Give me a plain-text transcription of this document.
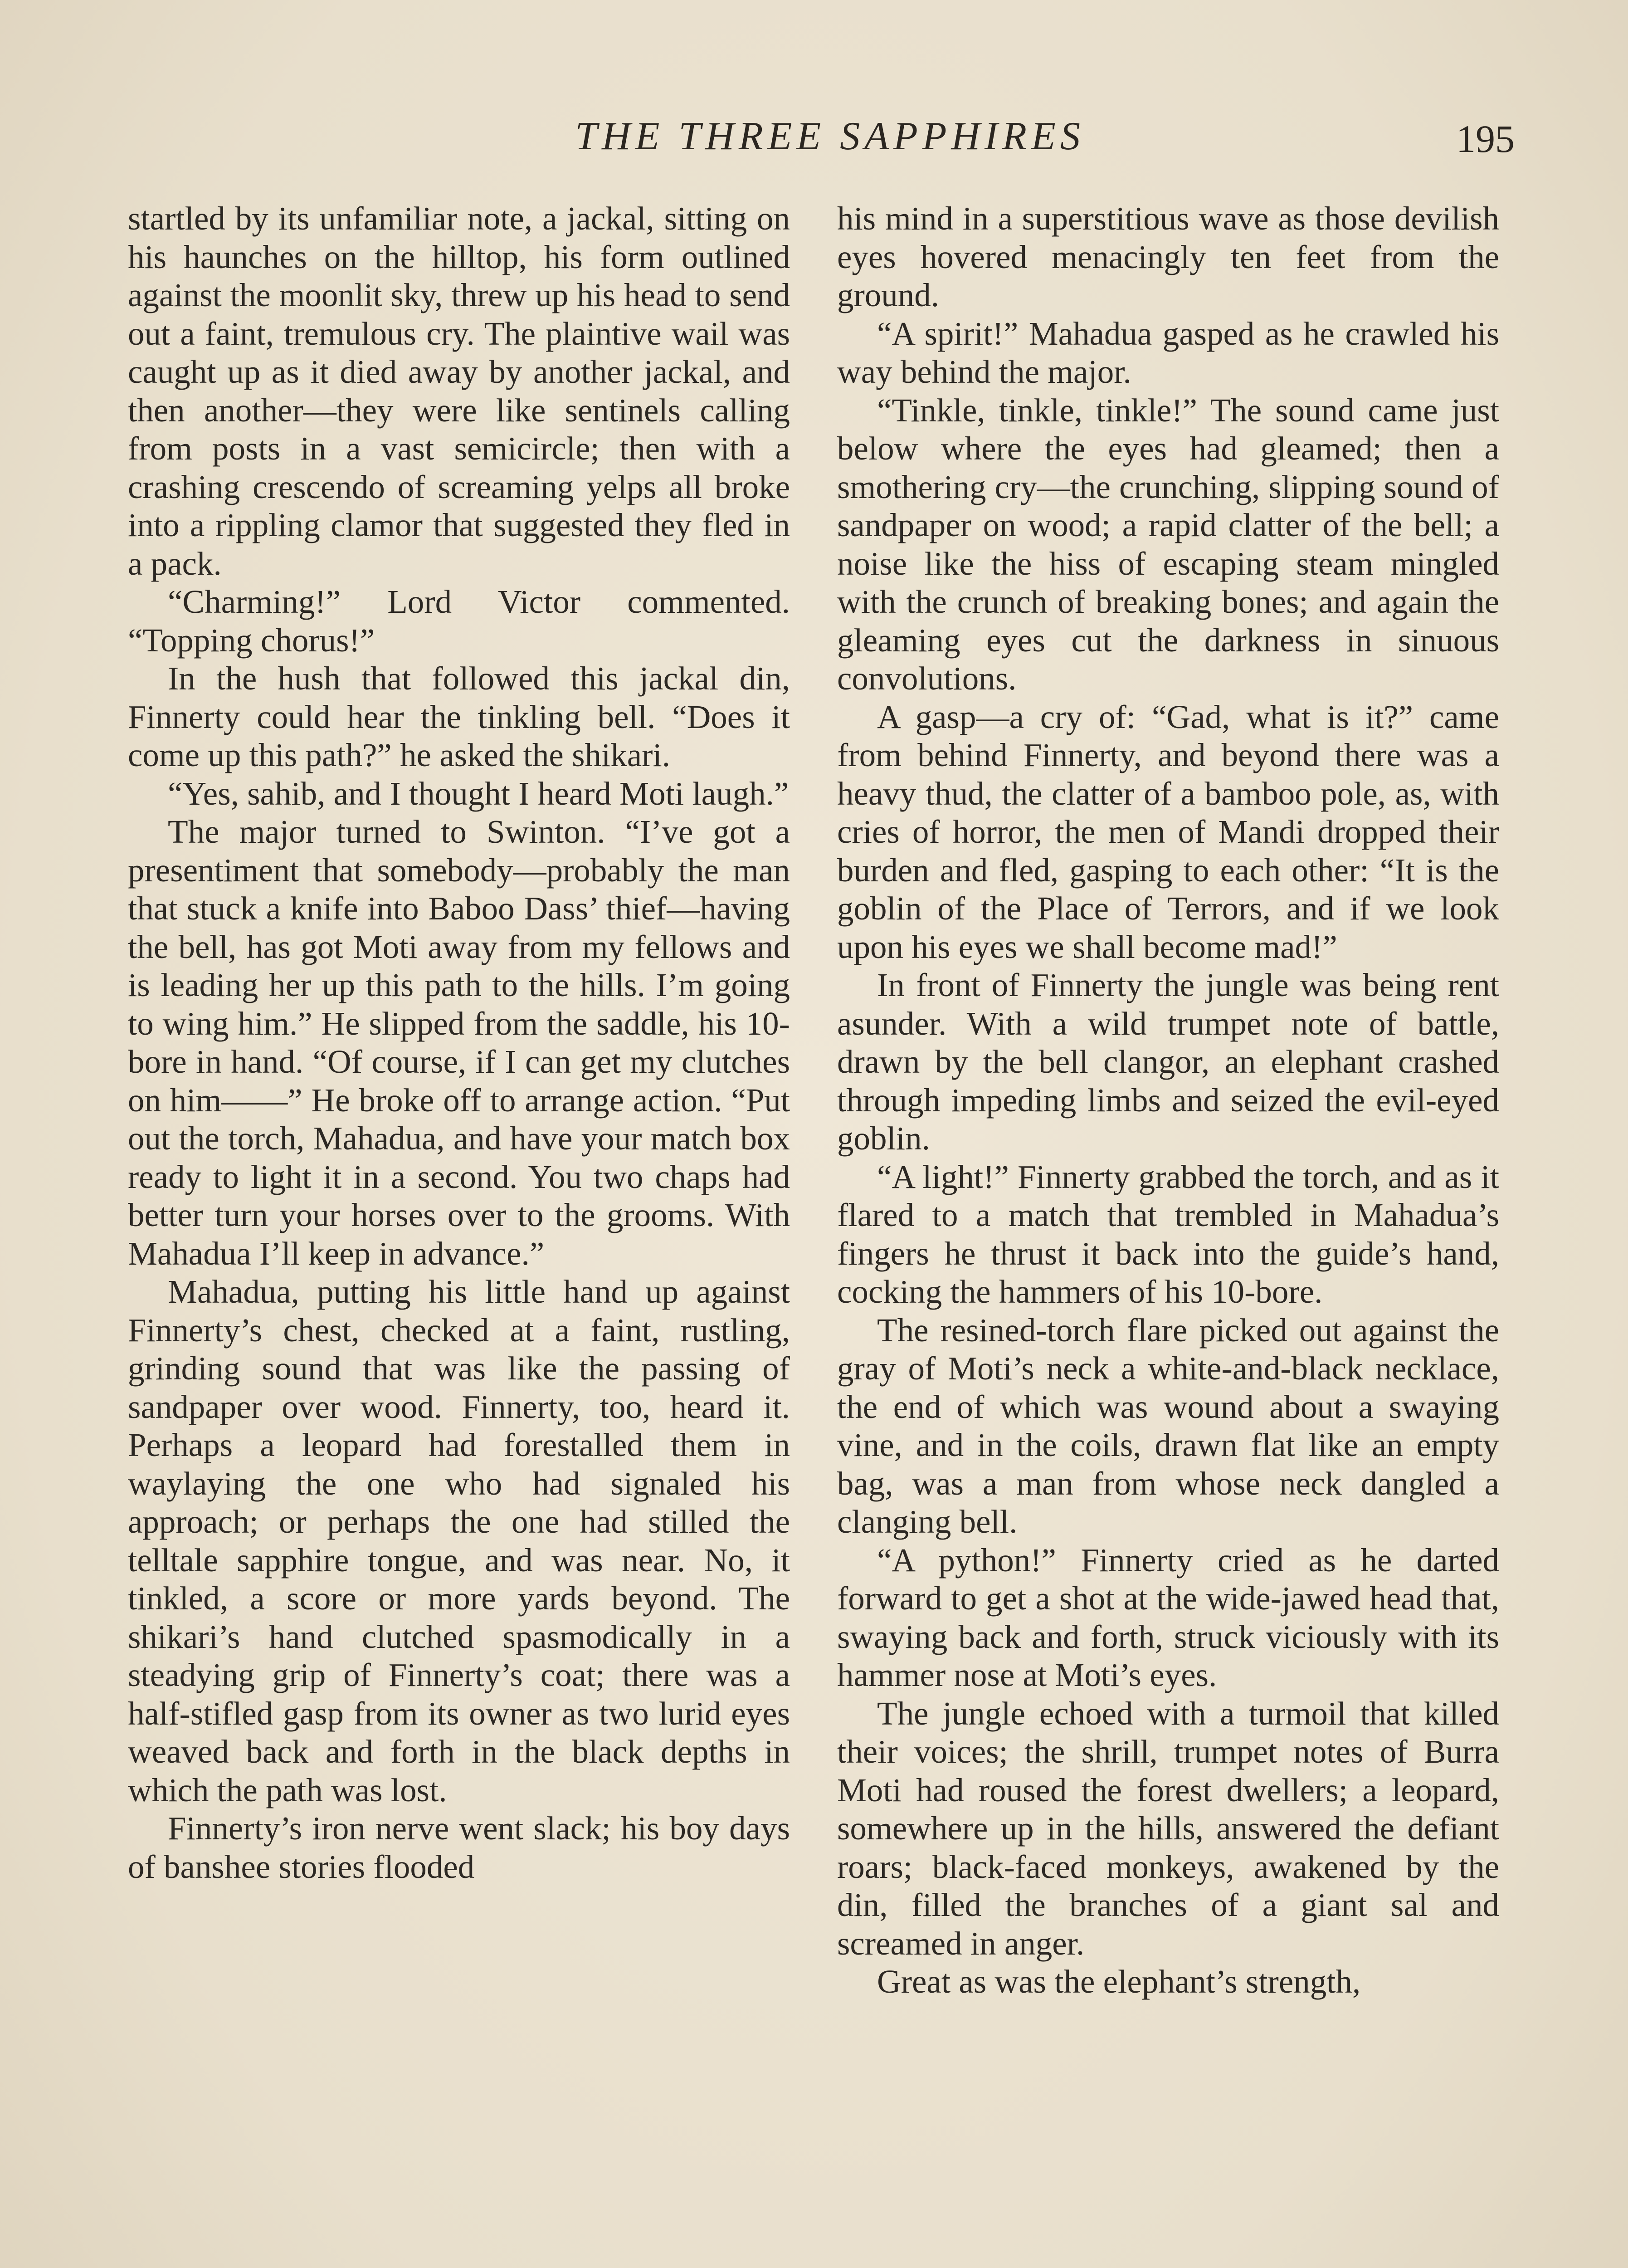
THE THREE SAPPHIRES	195

startled by its unfamiliar note, a jackal, sitting on his haunches on the hilltop, his form outlined against the moonlit sky, threw up his head to send out a faint, tremulous cry. The plaintive wail was caught up as it died away by another jackal, and then another—they were like sentinels calling from posts in a vast semicircle; then with a crashing crescendo of screaming yelps all broke into a rippling clamor that suggested they fled in a pack.

“Charming!” Lord Victor commented. “Topping chorus!”

In the hush that followed this jackal din, Finnerty could hear the tinkling bell. “Does it come up this path?” he asked the shikari.

“Yes, sahib, and I thought I heard Moti laugh.”

The major turned to Swinton. “I’ve got a presentiment that somebody—probably the man that stuck a knife into Baboo Dass’ thief—having the bell, has got Moti away from my fellows and is leading her up this path to the hills. I’m going to wing him.” He slipped from the saddle, his 10-bore in hand. “Of course, if I can get my clutches on him——” He broke off to arrange action. “Put out the torch, Mahadua, and have your match box ready to light it in a second. You two chaps had better turn your horses over to the grooms. With Mahadua I’ll keep in advance.”

Mahadua, putting his little hand up against Finnerty’s chest, checked at a faint, rustling, grinding sound that was like the passing of sandpaper over wood. Finnerty, too, heard it. Perhaps a leopard had forestalled them in waylaying the one who had signaled his approach; or perhaps the one had stilled the telltale sapphire tongue, and was near. No, it tinkled, a score or more yards beyond. The shikari’s hand clutched spasmodically in a steadying grip of Finnerty’s coat; there was a half-stifled gasp from its owner as two lurid eyes weaved back and forth in the black depths in which the path was lost.

Finnerty’s iron nerve went slack; his boy days of banshee stories flooded

his mind in a superstitious wave as those devilish eyes hovered menacingly ten feet from the ground.

“A spirit!” Mahadua gasped as he crawled his way behind the major.

“Tinkle, tinkle, tinkle!” The sound came just below where the eyes had gleamed; then a smothering cry—the crunching, slipping sound of sandpaper on wood; a rapid clatter of the bell; a noise like the hiss of escaping steam mingled with the crunch of breaking bones; and again the gleaming eyes cut the darkness in sinuous convolutions.

A gasp—a cry of: “Gad, what is it?” came from behind Finnerty, and beyond there was a heavy thud, the clatter of a bamboo pole, as, with cries of horror, the men of Mandi dropped their burden and fled, gasping to each other: “It is the goblin of the Place of Terrors, and if we look upon his eyes we shall become mad!”

In front of Finnerty the jungle was being rent asunder. With a wild trumpet note of battle, drawn by the bell clangor, an elephant crashed through impeding limbs and seized the evil-eyed goblin.

“A light!” Finnerty grabbed the torch, and as it flared to a match that trembled in Mahadua’s fingers he thrust it back into the guide’s hand, cocking the hammers of his 10-bore.

The resined-torch flare picked out against the gray of Moti’s neck a white-and-black necklace, the end of which was wound about a swaying vine, and in the coils, drawn flat like an empty bag, was a man from whose neck dangled a clanging bell.

“A python!” Finnerty cried as he darted forward to get a shot at the wide-jawed head that, swaying back and forth, struck viciously with its hammer nose at Moti’s eyes.

The jungle echoed with a turmoil that killed their voices; the shrill, trumpet notes of Burra Moti had roused the forest dwellers; a leopard, somewhere up in the hills, answered the defiant roars; black-faced monkeys, awakened by the din, filled the branches of a giant sal and screamed in anger.

Great as was the elephant’s strength,
